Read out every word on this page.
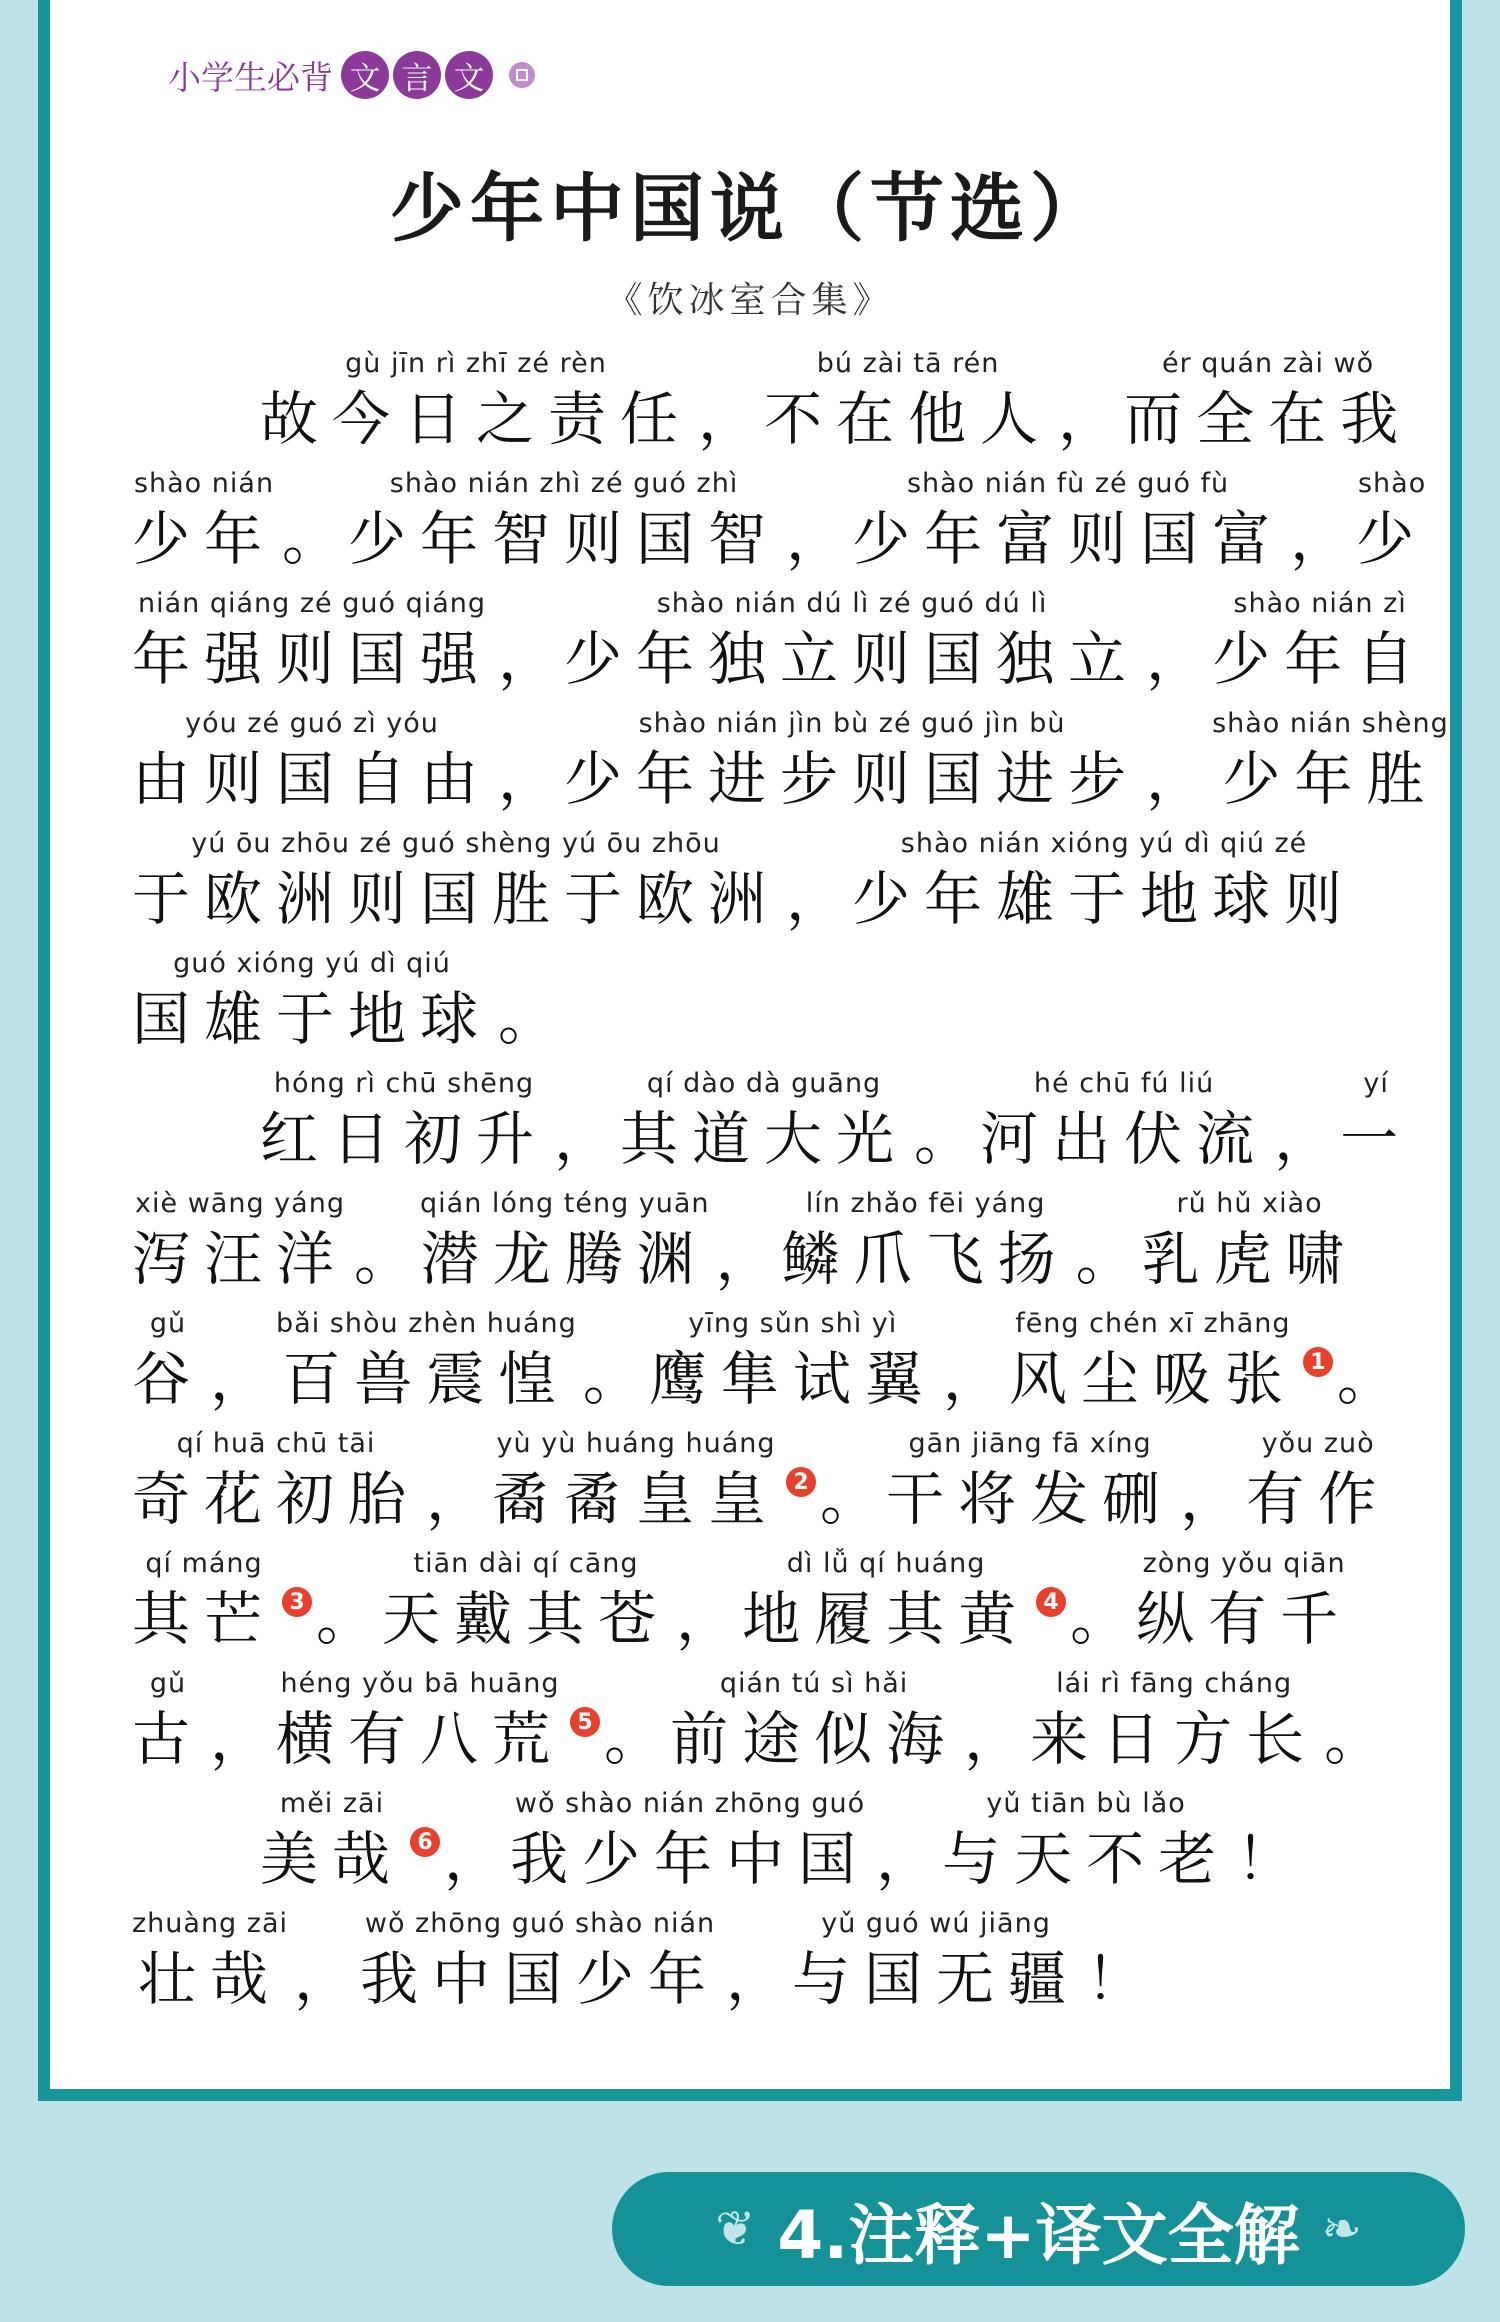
小学生必背 文 言 文
少年中国说（节选）
《饮冰室合集》
gù jīn rì zhī zé rèn
故今日之责任 ，
bú zài tā rén
不在他人 ，
ér quán zài wǒ
而全在我
shào nián
少年 。
shào nián zhì zé guó zhì
少年智则国智 ，
shào nián fù zé guó fù
少年富则国富 ，
shào
少
nián qiáng zé guó qiáng
年强则国强 ，
shào nián dú lì zé guó dú lì
少年独立则国独立 ，
shào nián zì
少年自
yóu zé guó zì yóu
由则国自由 ，
shào nián jìn bù zé guó jìn bù
少年进步则国进步 ，
shào nián shèng
少年胜
yú ōu zhōu zé guó shèng yú ōu zhōu
于欧洲则国胜于欧洲 ，
shào nián xióng yú dì qiú zé
少年雄于地球则
guó xióng yú dì qiú
国雄于地球 。
hóng rì chū shēng
红日初升 ，
qí dào dà guāng
其道大光 。
hé chū fú liú
河出伏流 ，
yí
一
xiè wāng yáng
泻汪洋 。
qián lóng téng yuān
潜龙腾渊 ，
lín zhǎo fēi yáng
鳞爪飞扬 。
rǔ hǔ xiào
乳虎啸
gǔ
谷 ，
bǎi shòu zhèn huáng
百兽震惶 。
yīng sǔn shì yì
鹰隼试翼 ，
fēng chén xī zhāng
风尘吸张 1 。
qí huā chū tāi
奇花初胎 ，
yù yù huáng huáng
矞矞皇皇 2 。
gān jiāng fā xíng
干将发硎 ，
yǒu zuò
有作
qí máng
其芒 3 。
tiān dài qí cāng
天戴其苍 ，
dì lǚ qí huáng
地履其黄 4 。
zòng yǒu qiān
纵有千
gǔ
古 ，
héng yǒu bā huāng
横有八荒 5 。
qián tú sì hǎi
前途似海 ，
lái rì fāng cháng
来日方长 。
měi zāi
美哉 6 ，
wǒ shào nián zhōng guó
我少年中国 ，
yǔ tiān bù lǎo
与天不老 ！
zhuàng zāi
壮哉 ，
wǒ zhōng guó shào nián
我中国少年 ，
yǔ guó wú jiāng
与国无疆 ！
❦ 4.注释+译文全解 ❧
